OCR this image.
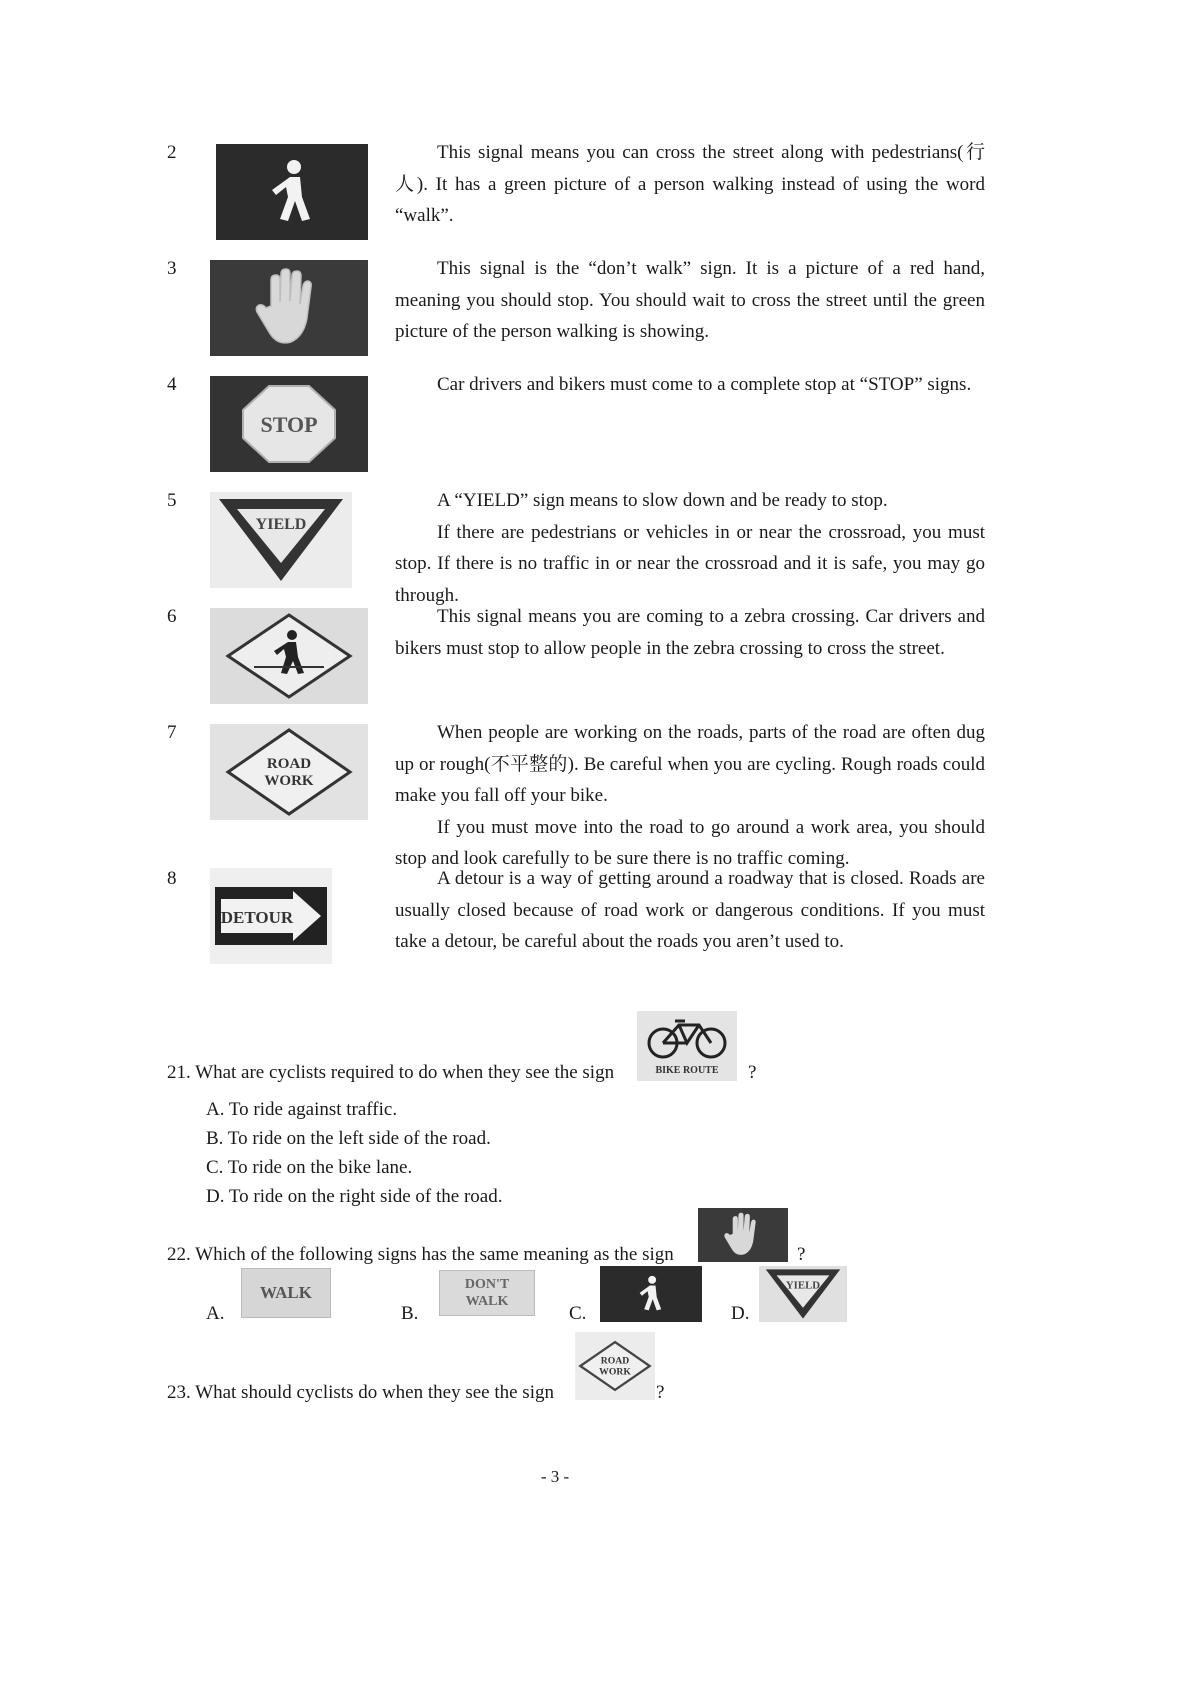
2	This signal means you can cross the street along with pedestrians(行人). It has a green picture of a person walking instead of using the word “walk”.

3	This signal is the “don’t walk” sign. It is a picture of a red hand, meaning you should stop. You should wait to cross the street until the green picture of the person walking is showing.

4
STOP

Car drivers and bikers must come to a complete stop at “STOP” signs.

5
YIELD

A “YIELD” sign means to slow down and be ready to stop.

If there are pedestrians or vehicles in or near the crossroad, you must stop. If there is no traffic in or near the crossroad and it is safe, you may go through.

6	This signal means you are coming to a zebra crossing. Car drivers and bikers must stop to allow people in the zebra crossing to cross the street.

7
ROAD
WORK

When people are working on the roads, parts of the road are often dug up or rough(不平整的). Be careful when you are cycling. Rough roads could make you fall off your bike.

If you must move into the road to go around a work area, you should stop and look carefully to be sure there is no traffic coming.

8
DETOUR

A detour is a way of getting around a roadway that is closed. Roads are usually closed because of road work or dangerous conditions. If you must take a detour, be careful about the roads you aren’t used to.

BIKE ROUTE
21. What are cyclists required to do when they see the sign	?
A. To ride against traffic.
B. To ride on the left side of the road.
C. To ride on the bike lane.
D. To ride on the right side of the road.
22. Which of the following signs has the same meaning as the sign	?
A.
WALK
B.
DON'T
WALK
C.	D.
YIELD
ROAD
WORK
23. What should cyclists do when they see the sign	?
- 3 -
